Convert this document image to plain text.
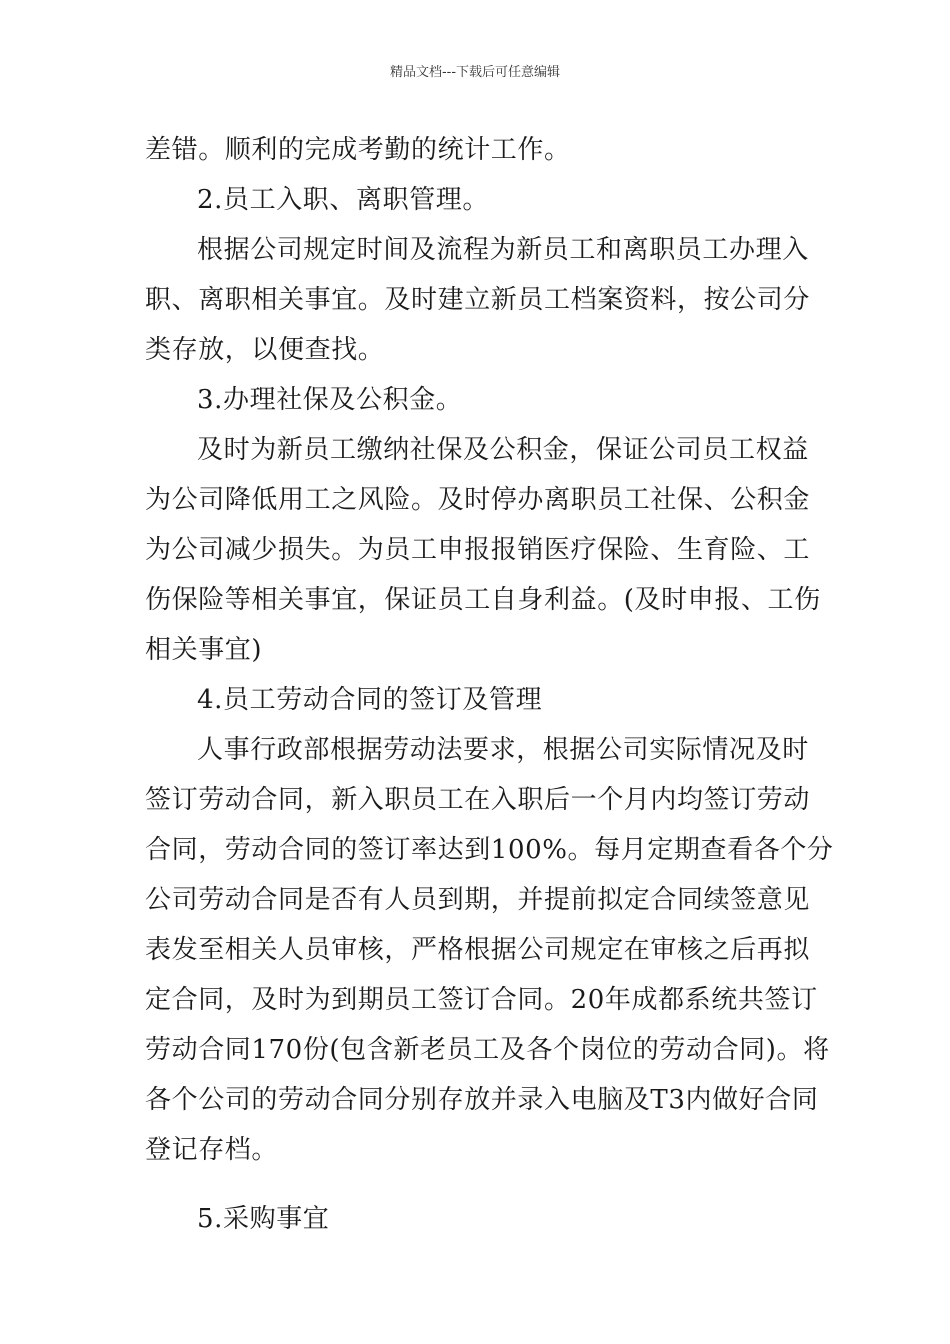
精品文档---下载后可任意编辑
差错。顺利的完成考勤的统计工作。
2.员工入职、离职管理。
根据公司规定时间及流程为新员工和离职员工办理入
职、离职相关事宜。及时建立新员工档案资料，按公司分
类存放，以便查找。
3.办理社保及公积金。
及时为新员工缴纳社保及公积金，保证公司员工权益
为公司降低用工之风险。及时停办离职员工社保、公积金
为公司减少损失。为员工申报报销医疗保险、生育险、工
伤保险等相关事宜，保证员工自身利益。(及时申报、工伤
相关事宜)
4.员工劳动合同的签订及管理
人事行政部根据劳动法要求，根据公司实际情况及时
签订劳动合同，新入职员工在入职后一个月内均签订劳动
合同，劳动合同的签订率达到100%。每月定期查看各个分
公司劳动合同是否有人员到期，并提前拟定合同续签意见
表发至相关人员审核，严格根据公司规定在审核之后再拟
定合同，及时为到期员工签订合同。20年成都系统共签订
劳动合同170份(包含新老员工及各个岗位的劳动合同)。将
各个公司的劳动合同分别存放并录入电脑及T3内做好合同
登记存档。
5.采购事宜
